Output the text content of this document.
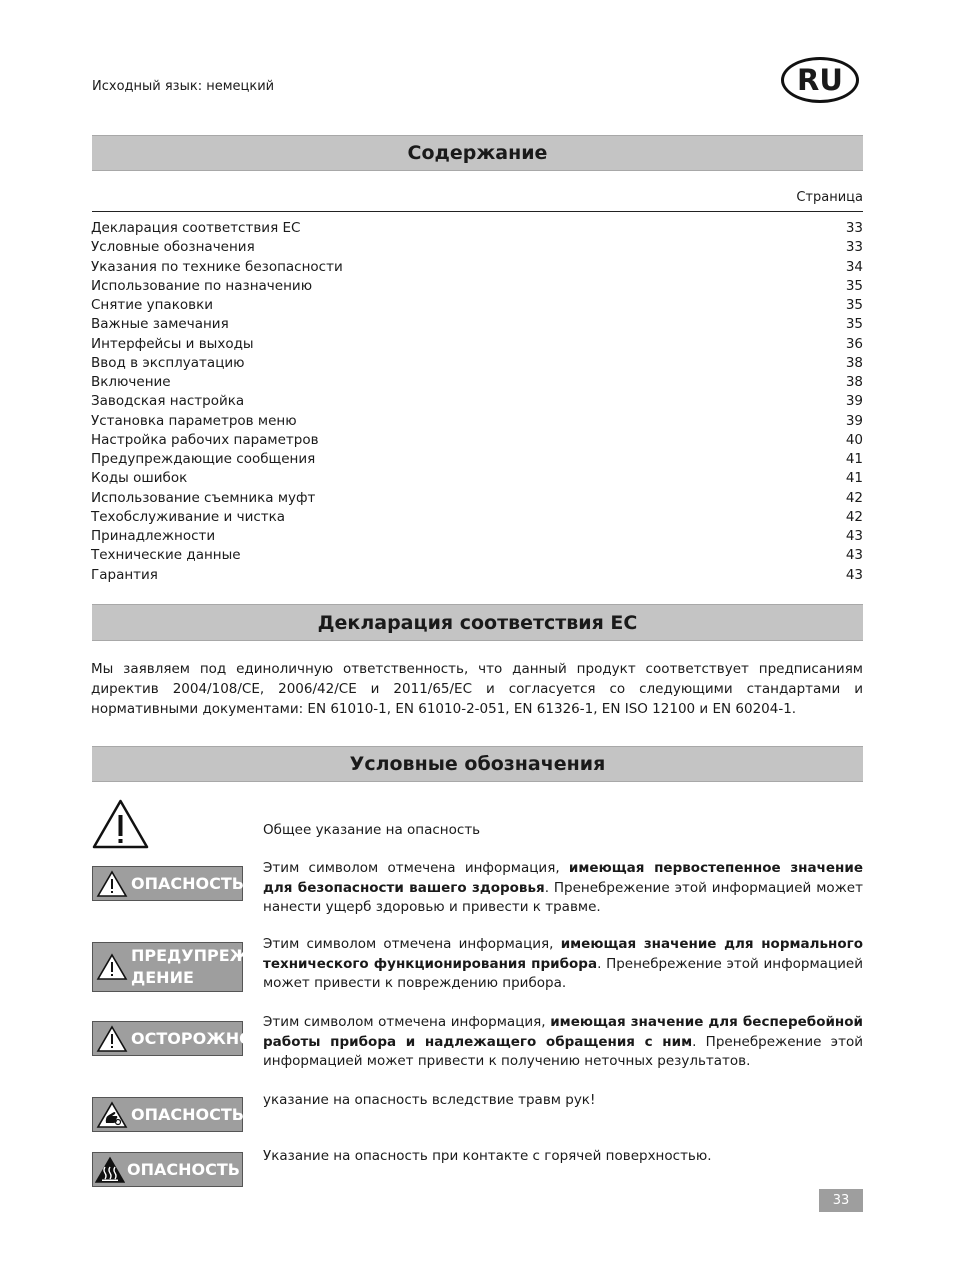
Исходный язык: немецкий	RU
Содержание
Страница
Декларация соответствия ЕС	33
Условные обозначения	33
Указания по технике безопасности	34
Использование по назначению	35
Снятие упаковки	35
Важные замечания	35
Интерфейсы и выходы	36
Ввод в эксплуатацию	38
Включение	38
Заводская настройка	39
Установка параметров меню	39
Настройка рабочих параметров	40
Предупреждающие сообщения	41
Коды ошибок	41
Использование съемника муфт	42
Техобслуживание и чистка	42
Принадлежности	43
Технические данные	43
Гарантия	43
Декларация соответствия ЕС

Мы заявляем под единоличную ответственность, что данный продукт соответствует предписаниям директив 2004/108/CE, 2006/42/CE и 2011/65/EC и согласуется со следующими стандартами и нормативными документами: EN 61010-1, EN 61010-2-051, EN 61326-1, EN ISO 12100 и EN 60204-1.

Условные обозначения

Общее указание на опасность

ОПАСНОСТЬ

Этим символом отмечена информация, имеющая первостепенное значение для безопасности вашего здоровья. Пренебрежение этой информацией может нанести ущерб здоровью и привести к травме.

ПРЕДУПРЕЖ-
ДЕНИЕ

Этим символом отмечена информация, имеющая значение для нормального технического функционирования прибора. Пренебрежение этой информацией может привести к повреждению прибора.

ОСТОРОЖНО

Этим символом отмечена информация, имеющая значение для бесперебойной работы прибора и надлежащего обращения с ним. Пренебрежение этой информацией может привести к получению неточных результатов.

ОПАСНОСТЬ

указание на опасность вследствие травм рук!

ОПАСНОСТЬ

Указание на опасность при контакте с горячей поверхностью.

33
